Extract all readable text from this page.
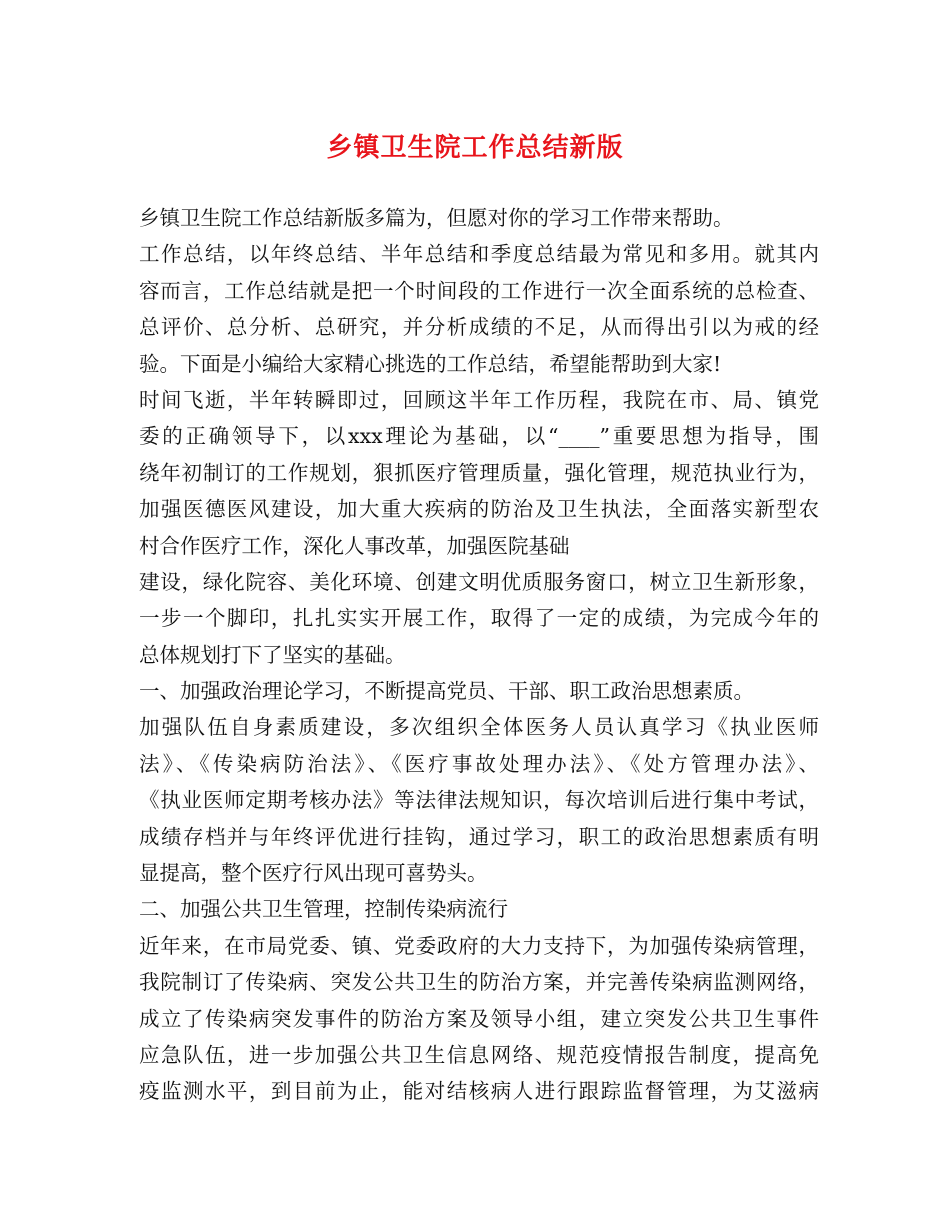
乡镇卫生院工作总结新版
乡镇卫生院工作总结新版多篇为，但愿对你的学习工作带来帮助。
工作总结，以年终总结、半年总结和季度总结最为常见和多用。就其内
容而言，工作总结就是把一个时间段的工作进行一次全面系统的总检查、
总评价、总分析、总研究，并分析成绩的不足，从而得出引以为戒的经
验。下面是小编给大家精心挑选的工作总结，希望能帮助到大家!
时间飞逝，半年转瞬即过，回顾这半年工作历程，我院在市、局、镇党
委的正确领导下，以xxx理论为基础，以“____”重要思想为指导，围
绕年初制订的工作规划，狠抓医疗管理质量，强化管理，规范执业行为，
加强医德医风建设，加大重大疾病的防治及卫生执法，全面落实新型农
村合作医疗工作，深化人事改革，加强医院基础
建设，绿化院容、美化环境、创建文明优质服务窗口，树立卫生新形象，
一步一个脚印，扎扎实实开展工作，取得了一定的成绩，为完成今年的
总体规划打下了坚实的基础。
一、加强政治理论学习，不断提高党员、干部、职工政治思想素质。
加强队伍自身素质建设，多次组织全体医务人员认真学习《执业医师
法》、《传染病防治法》、《医疗事故处理办法》、《处方管理办法》、
《执业医师定期考核办法》等法律法规知识，每次培训后进行集中考试，
成绩存档并与年终评优进行挂钩，通过学习，职工的政治思想素质有明
显提高，整个医疗行风出现可喜势头。
二、加强公共卫生管理，控制传染病流行
近年来，在市局党委、镇、党委政府的大力支持下，为加强传染病管理，
我院制订了传染病、突发公共卫生的防治方案，并完善传染病监测网络，
成立了传染病突发事件的防治方案及领导小组，建立突发公共卫生事件
应急队伍，进一步加强公共卫生信息网络、规范疫情报告制度，提高免
疫监测水平，到目前为止，能对结核病人进行跟踪监督管理，为艾滋病
